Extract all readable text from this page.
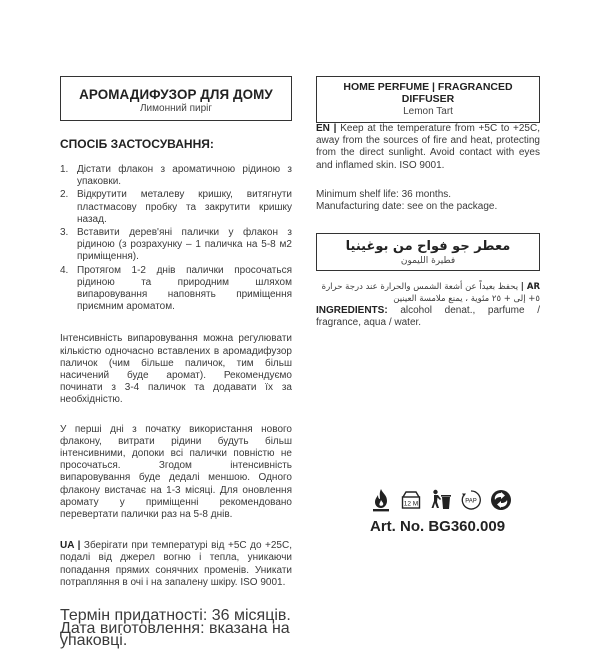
АРОМАДИФУЗОР ДЛЯ ДОМУ
Лимонний пиріг
СПОСІБ ЗАСТОСУВАННЯ:
1. Дістати флакон з ароматичною рідиною з упаковки.
2. Відкрутити металеву кришку, витягнути пластмасову пробку та закрутити кришку назад.
3. Вставити дерев'яні палички у флакон з рідиною (з розрахунку – 1 паличка на 5-8 м2 приміщення).
4. Протягом 1-2 днів палички просочаться рідиною та природним шляхом випаровування наповнять приміщення приємним ароматом.

Інтенсивність випаровування можна регулювати кількістю одночасно вставлених в аромадифузор паличок (чим більше паличок, тим більш насичений буде аромат). Рекомендуємо починати з 3-4 паличок та додавати їх за необхідністю.

У перші дні з початку використання нового флакону, витрати рідини будуть більш інтенсивними, допоки всі палички повністю не просочаться. Згодом інтенсивність випаровування буде дедалі меншою. Одного флакону вистачає на 1-3 місяці. Для оновлення аромату у приміщенні рекомендовано перевертати палички раз на 5-8 днів.

UA | Зберігати при температурі від +5С до +25С, подалі від джерел вогню і тепла, уникаючи попадання прямих сонячних променів. Уникати потрапляння в очі і на запалену шкіру. ISO 9001.

Термін придатності: 36 місяців.
Дата виготовлення: вказана на упаковці.
HOME PERFUME | FRAGRANCED DIFFUSER
Lemon Tart

EN | Keep at the temperature from +5C to +25C, away from the sources of fire and heat, protecting from the direct sunlight. Avoid contact with eyes and inflamed skin. ISO 9001.

Minimum shelf life: 36 months.
Manufacturing date: see on the package.
معطر جو فواح من بوغينيا
فطيرة الليمون
AR | يحفظ بعيداً عن أشعة الشمس والحرارة عند درجة حرارة ٥+ إلى + ٢٥ مئوية ، يمنع ملامسة العينين

INGREDIENTS: alcohol denat., parfume / fragrance, aqua / water.

12 M	PAP
Art. No. BG360.009
